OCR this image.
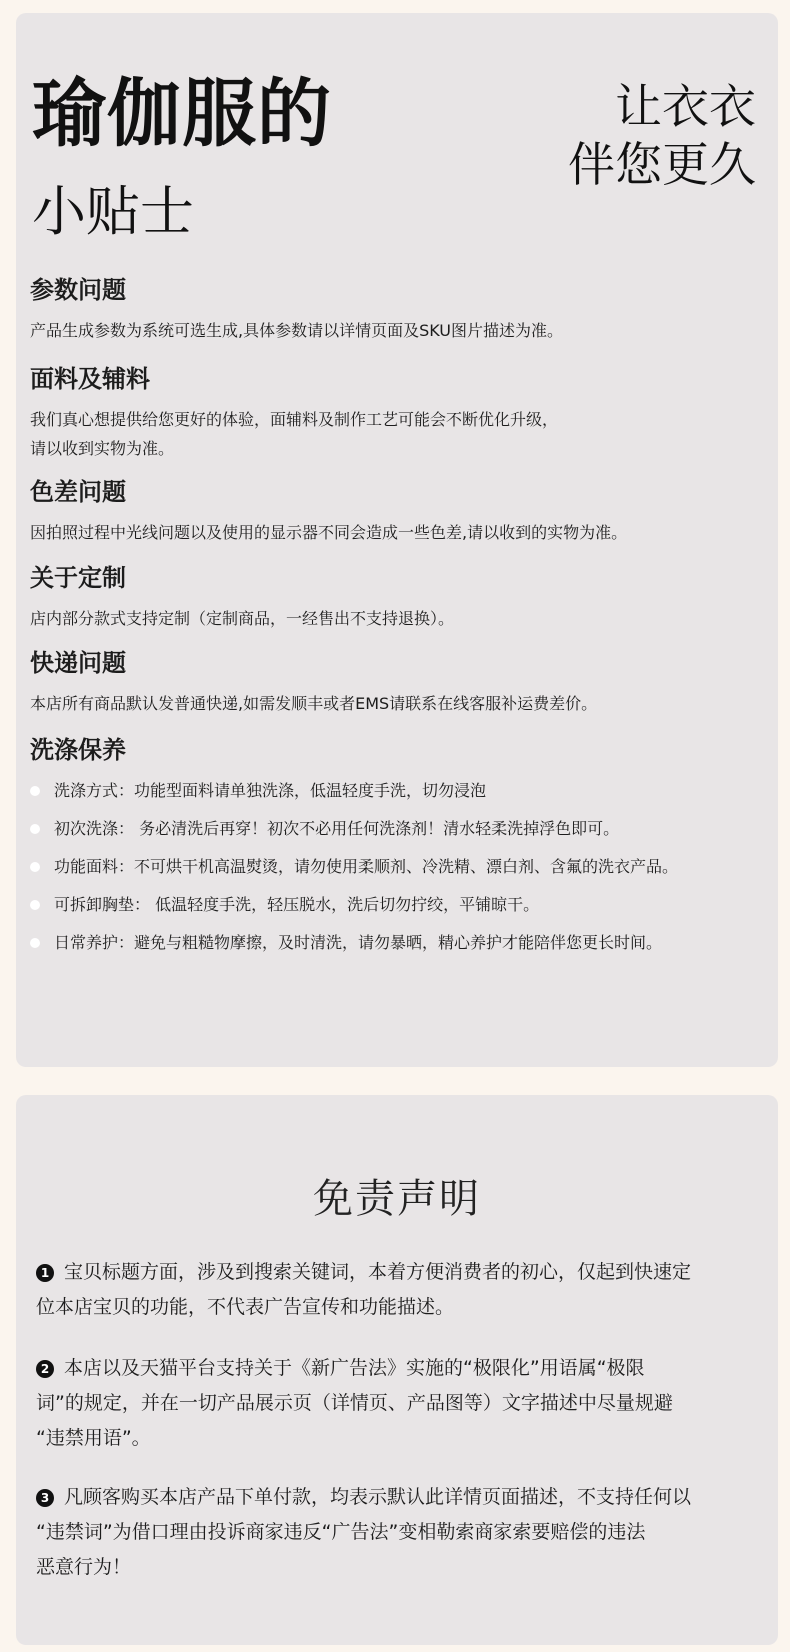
瑜伽服的
小贴士
让衣衣
伴您更久
参数问题
产品生成参数为系统可选生成,具体参数请以详情页面及SKU图片描述为准。
面料及辅料
我们真心想提供给您更好的体验，面辅料及制作工艺可能会不断优化升级，
请以收到实物为准。
色差问题
因拍照过程中光线问题以及使用的显示器不同会造成一些色差,请以收到的实物为准。
关于定制
店内部分款式支持定制（定制商品，一经售出不支持退换）。
快递问题
本店所有商品默认发普通快递,如需发顺丰或者EMS请联系在线客服补运费差价。
洗涤保养
洗涤方式：功能型面料请单独洗涤，低温轻度手洗，切勿浸泡
初次洗涤： 务必清洗后再穿！初次不必用任何洗涤剂！清水轻柔洗掉浮色即可。
功能面料：不可烘干机高温熨烫，请勿使用柔顺剂、冷洗精、漂白剂、含氟的洗衣产品。
可拆卸胸垫： 低温轻度手洗，轻压脱水，洗后切勿拧绞，平铺晾干。
日常养护：避免与粗糙物摩擦，及时清洗，请勿暴晒，精心养护才能陪伴您更长时间。
免责声明
1 宝贝标题方面，涉及到搜索关键词，本着方便消费者的初心，仅起到快速定
位本店宝贝的功能，不代表广告宣传和功能描述。
2 本店以及天猫平台支持关于《新广告法》实施的“极限化”用语属“极限
词”的规定，并在一切产品展示页（详情页、产品图等）文字描述中尽量规避
“违禁用语”。
3 凡顾客购买本店产品下单付款，均表示默认此详情页面描述，不支持任何以
“违禁词”为借口理由投诉商家违反“广告法”变相勒索商家索要赔偿的违法
恶意行为！
